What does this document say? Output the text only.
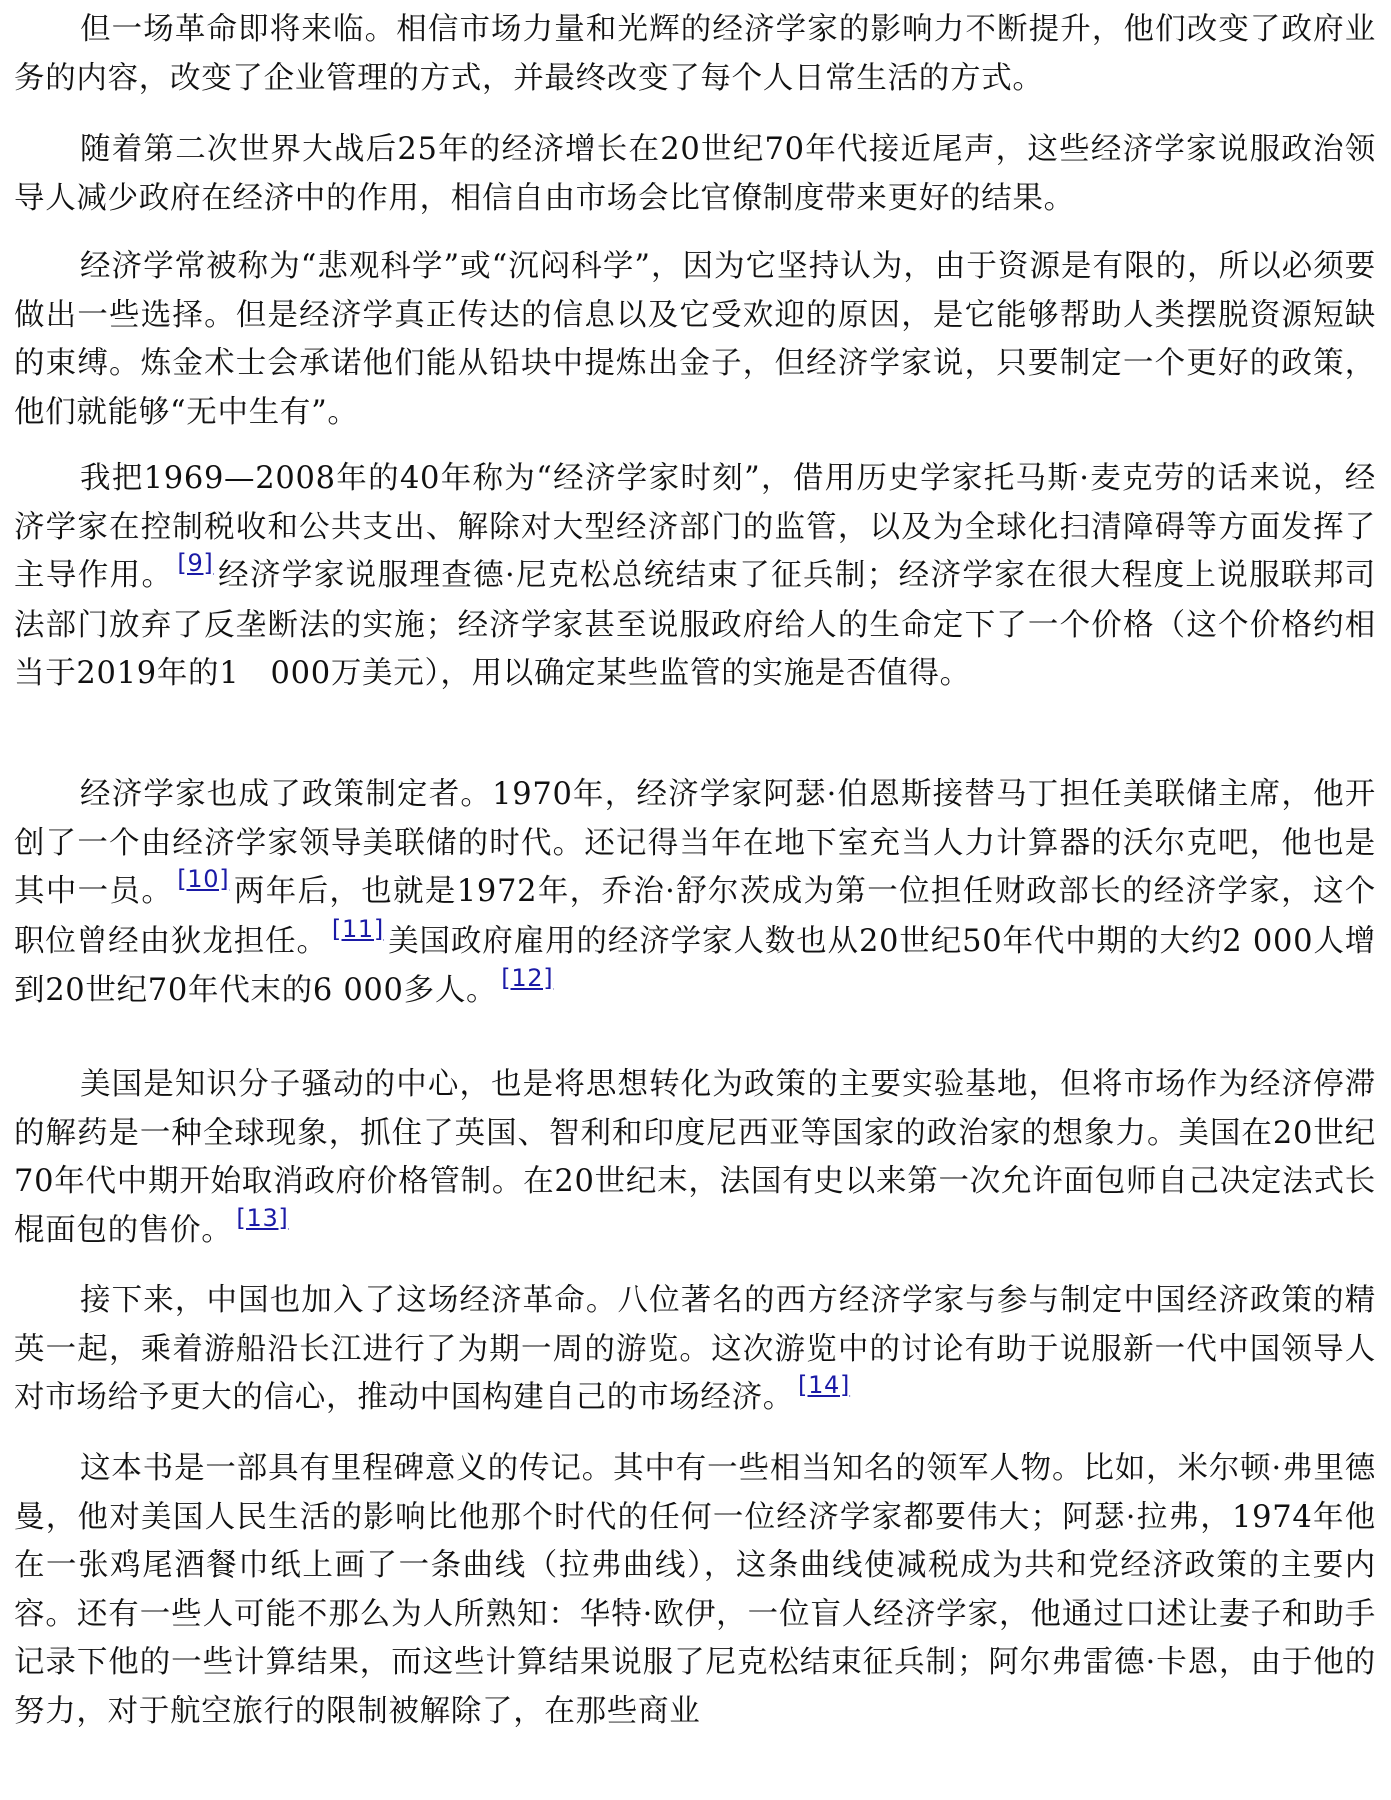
但一场革命即将来临。相信市场力量和光辉的经济学家的影响力不断提升，他们改变了政府业务的内容，改变了企业管理的方式，并最终改变了每个人日常生活的方式。

随着第二次世界大战后25年的经济增长在20世纪70年代接近尾声，这些经济学家说服政治领导人减少政府在经济中的作用，相信自由市场会比官僚制度带来更好的结果。

经济学常被称为“悲观科学”或“沉闷科学”，因为它坚持认为，由于资源是有限的，所以必须要做出一些选择。但是经济学真正传达的信息以及它受欢迎的原因，是它能够帮助人类摆脱资源短缺的束缚。炼金术士会承诺他们能从铅块中提炼出金子，但经济学家说，只要制定一个更好的政策，他们就能够“无中生有”。

我把1969—2008年的40年称为“经济学家时刻”，借用历史学家托马斯·麦克劳的话来说，经济学家在控制税收和公共支出、解除对大型经济部门的监管，以及为全球化扫清障碍等方面发挥了主导作用。 [9] 经济学家说服理查德·尼克松总统结束了征兵制；经济学家在很大程度上说服联邦司法部门放弃了反垄断法的实施；经济学家甚至说服政府给人的生命定下了一个价格（这个价格约相当于2019年的1　000万美元），用以确定某些监管的实施是否值得。

经济学家也成了政策制定者。1970年，经济学家阿瑟·伯恩斯接替马丁担任美联储主席，他开创了一个由经济学家领导美联储的时代。还记得当年在地下室充当人力计算器的沃尔克吧，他也是其中一员。 [10] 两年后，也就是1972年，乔治·舒尔茨成为第一位担任财政部长的经济学家，这个职位曾经由狄龙担任。 [11] 美国政府雇用的经济学家人数也从20世纪50年代中期的大约2 000人增到20世纪70年代末的6 000多人。 [12]

美国是知识分子骚动的中心，也是将思想转化为政策的主要实验基地，但将市场作为经济停滞的解药是一种全球现象，抓住了英国、智利和印度尼西亚等国家的政治家的想象力。美国在20世纪70年代中期开始取消政府价格管制。在20世纪末，法国有史以来第一次允许面包师自己决定法式长棍面包的售价。 [13]

接下来，中国也加入了这场经济革命。八位著名的西方经济学家与参与制定中国经济政策的精英一起，乘着游船沿长江进行了为期一周的游览。这次游览中的讨论有助于说服新一代中国领导人对市场给予更大的信心，推动中国构建自己的市场经济。 [14]

这本书是一部具有里程碑意义的传记。其中有一些相当知名的领军人物。比如，米尔顿·弗里德曼，他对美国人民生活的影响比他那个时代的任何一位经济学家都要伟大；阿瑟·拉弗，1974年他在一张鸡尾酒餐巾纸上画了一条曲线（拉弗曲线），这条曲线使减税成为共和党经济政策的主要内容。还有一些人可能不那么为人所熟知：华特·欧伊，一位盲人经济学家，他通过口述让妻子和助手记录下他的一些计算结果，而这些计算结果说服了尼克松结束征兵制；阿尔弗雷德·卡恩，由于他的努力，对于航空旅行的限制被解除了，在那些商业
